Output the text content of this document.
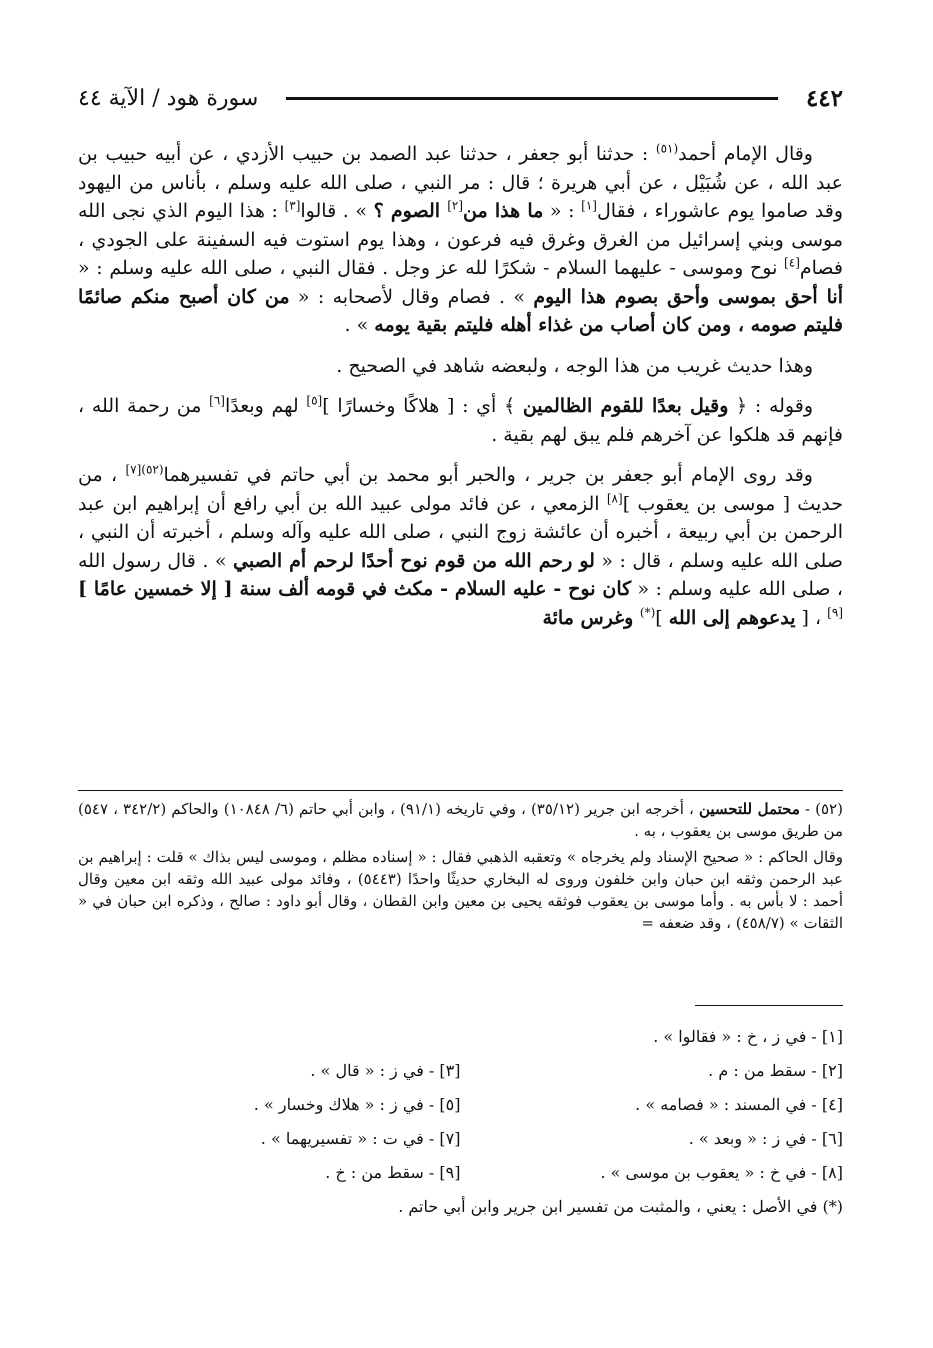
٤٤٢
سورة هود / الآية ٤٤

وقال الإمام أحمد$^{(٥١)}$ : حدثنا أبو جعفر ، حدثنا عبد الصمد بن حبيب الأزدي ، عن أبيه حبيب بن عبد الله ، عن شُبَيْل ، عن أبي هريرة ؛ قال : مر النبي ، صلى الله عليه وسلم ، بأناس من اليهود وقد صاموا يوم عاشوراء ، فقال[١] : « ما هذا من[٢] الصوم ؟ » . قالوا[٣] : هذا اليوم الذي نجى الله موسى وبني إسرائيل من الغرق وغرق فيه فرعون ، وهذا يوم استوت فيه السفينة على الجودي ، فصام[٤] نوح وموسى - عليهما السلام - شكرًا لله عز وجل . فقال النبي ، صلى الله عليه وسلم : « أنا أحق بموسى وأحق بصوم هذا اليوم » . فصام وقال لأصحابه : « من كان أصبح منكم صائمًا فليتم صومه ، ومن كان أصاب من غذاء أهله فليتم بقية يومه » .

وهذا حديث غريب من هذا الوجه ، ولبعضه شاهد في الصحيح .

وقوله : ﴿ وقيل بعدًا للقوم الظالمين ﴾ أي : [ هلاكًا وخسارًا ][٥] لهم وبعدًا[٦] من رحمة الله ، فإنهم قد هلكوا عن آخرهم فلم يبق لهم بقية .

وقد روى الإمام أبو جعفر بن جرير ، والحبر أبو محمد بن أبي حاتم في تفسيرهما$^{(٥٢)[٧]}$ ، من حديث [ موسى بن يعقوب ][٨] الزمعي ، عن فائد مولى عبيد الله بن أبي رافع أن إبراهيم ابن عبد الرحمن بن أبي ربيعة ، أخبره أن عائشة زوج النبي ، صلى الله عليه وآله وسلم ، أخبرته أن النبي ، صلى الله عليه وسلم ، قال : « لو رحم الله من قوم نوح أحدًا لرحم أم الصبي » . قال رسول الله ، صلى الله عليه وسلم : « كان نوح - عليه السلام - مكث في قومه ألف سنة [ إلا خمسين عامًا ][٩] ، [ يدعوهم إلى الله ](*) وغرس مائة

(٥٢) - محتمل للتحسين ، أخرجه ابن جرير (٣٥/١٢) ، وفي تاريخه (٩١/١) ، وابن أبي حاتم (٦/ ١٠٨٤٨) والحاكم (٣٤٢/٢ ، ٥٤٧) من طريق موسى بن يعقوب ، به .

وقال الحاكم : « صحيح الإسناد ولم يخرجاه » وتعقبه الذهبي فقال : « إسناده مظلم ، وموسى ليس بذاك » قلت : إبراهيم بن عبد الرحمن وثقه ابن حبان وابن خلفون وروى له البخاري حديثًا واحدًا (٥٤٤٣) ، وفائد مولى عبيد الله وثقه ابن معين وقال أحمد : لا بأس به . وأما موسى بن يعقوب فوثقه يحيى بن معين وابن القطان ، وقال أبو داود : صالح ، وذكره ابن حبان في « الثقات » (٤٥٨/٧) ، وقد ضعفه =

[١] - في ز ، خ : « فقالوا » .
[٢] - سقط من : م .
[٣] - في ز : « قال » .
[٤] - في المسند : « فصامه » .
[٥] - في ز : « هلاك وخسار » .
[٦] - في ز : « وبعد » .
[٧] - في ت : « تفسيريهما » .
[٨] - في خ : « يعقوب بن موسى » .
[٩] - سقط من : خ .
(*) في الأصل : يعني ، والمثبت من تفسير ابن جرير وابن أبي حاتم .
